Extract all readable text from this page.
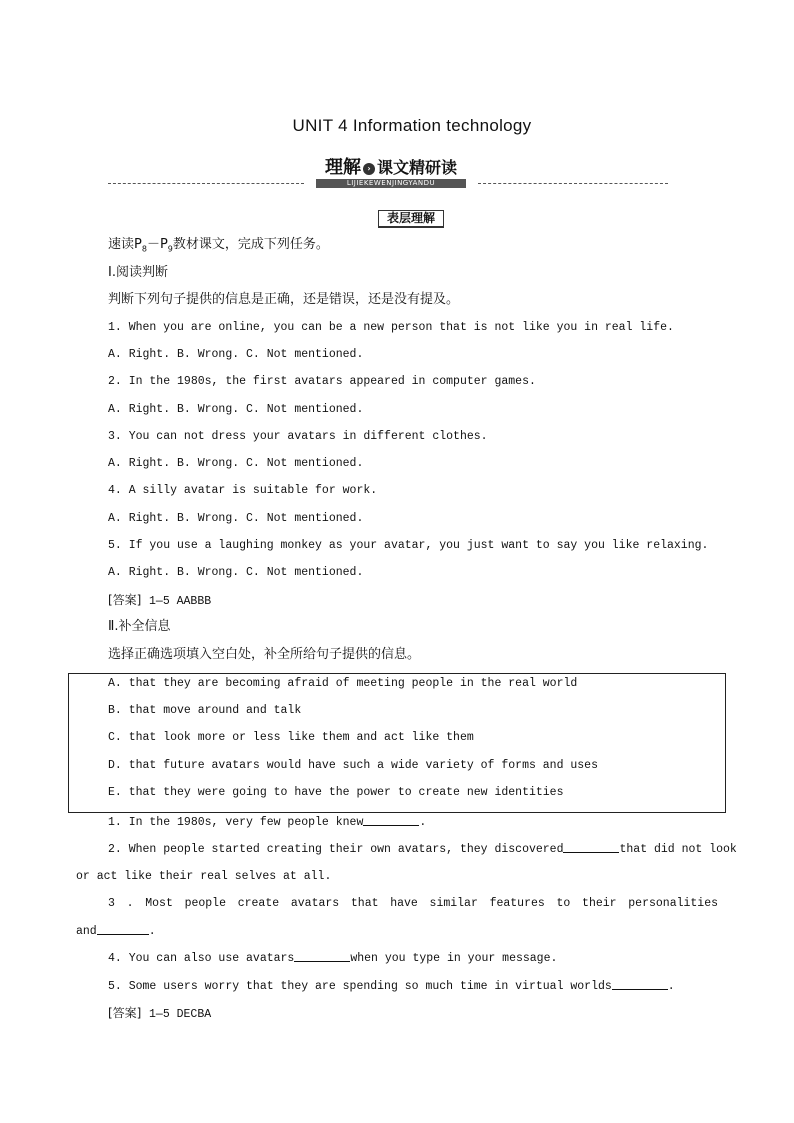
UNIT 4 Information technology
理解 › 课文精研读
LIJIEKEWENJINGYANDU
表层理解
速读$P_8-P_9$教材课文，完成下列任务。
Ⅰ.阅读判断
判断下列句子提供的信息是正确，还是错误，还是没有提及。
1. When you are online, you can be a new person that is not like you in real life.
A. Right. B. Wrong. C. Not mentioned.
2. In the 1980s, the first avatars appeared in computer games.
A. Right. B. Wrong. C. Not mentioned.
3. You can not dress your avatars in different clothes.
A. Right. B. Wrong. C. Not mentioned.
4. A silly avatar is suitable for work.
A. Right. B. Wrong. C. Not mentioned.
5. If you use a laughing monkey as your avatar, you just want to say you like relaxing.
A. Right. B. Wrong. C. Not mentioned.
[答案] 1—5 AABBB
Ⅱ.补全信息
选择正确选项填入空白处，补全所给句子提供的信息。
A. that they are becoming afraid of meeting people in the real world
B. that move around and talk
C. that look more or less like them and act like them
D. that future avatars would have such a wide variety of forms and uses
E. that they were going to have the power to create new identities
1. In the 1980s, very few people knew	.
2. When people started creating their own avatars, they discovered	that did not look
or act like their real selves at all.
3 . Most people create avatars that have similar features to their personalities
and	.
4. You can also use avatars	when you type in your message.
5. Some users worry that they are spending so much time in virtual worlds	.
[答案] 1—5 DECBA
